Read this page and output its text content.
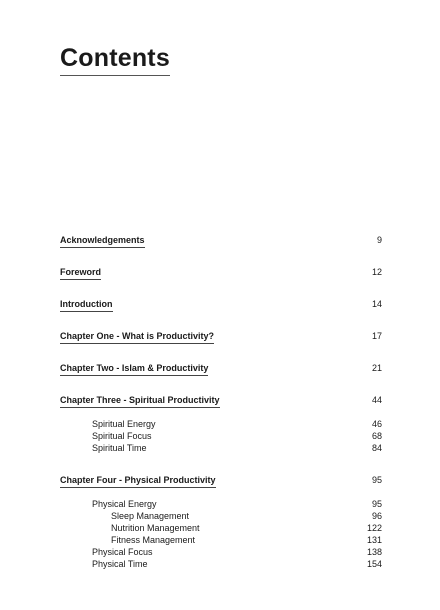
Contents
Acknowledgements	9
Foreword	12
Introduction	14
Chapter One - What is Productivity?	17
Chapter Two - Islam & Productivity	21
Chapter Three - Spiritual Productivity	44
Spiritual Energy	46
Spiritual Focus	68
Spiritual Time	84
Chapter Four - Physical Productivity	95
Physical Energy	95
Sleep Management	96
Nutrition Management	122
Fitness Management	131
Physical Focus	138
Physical Time	154
